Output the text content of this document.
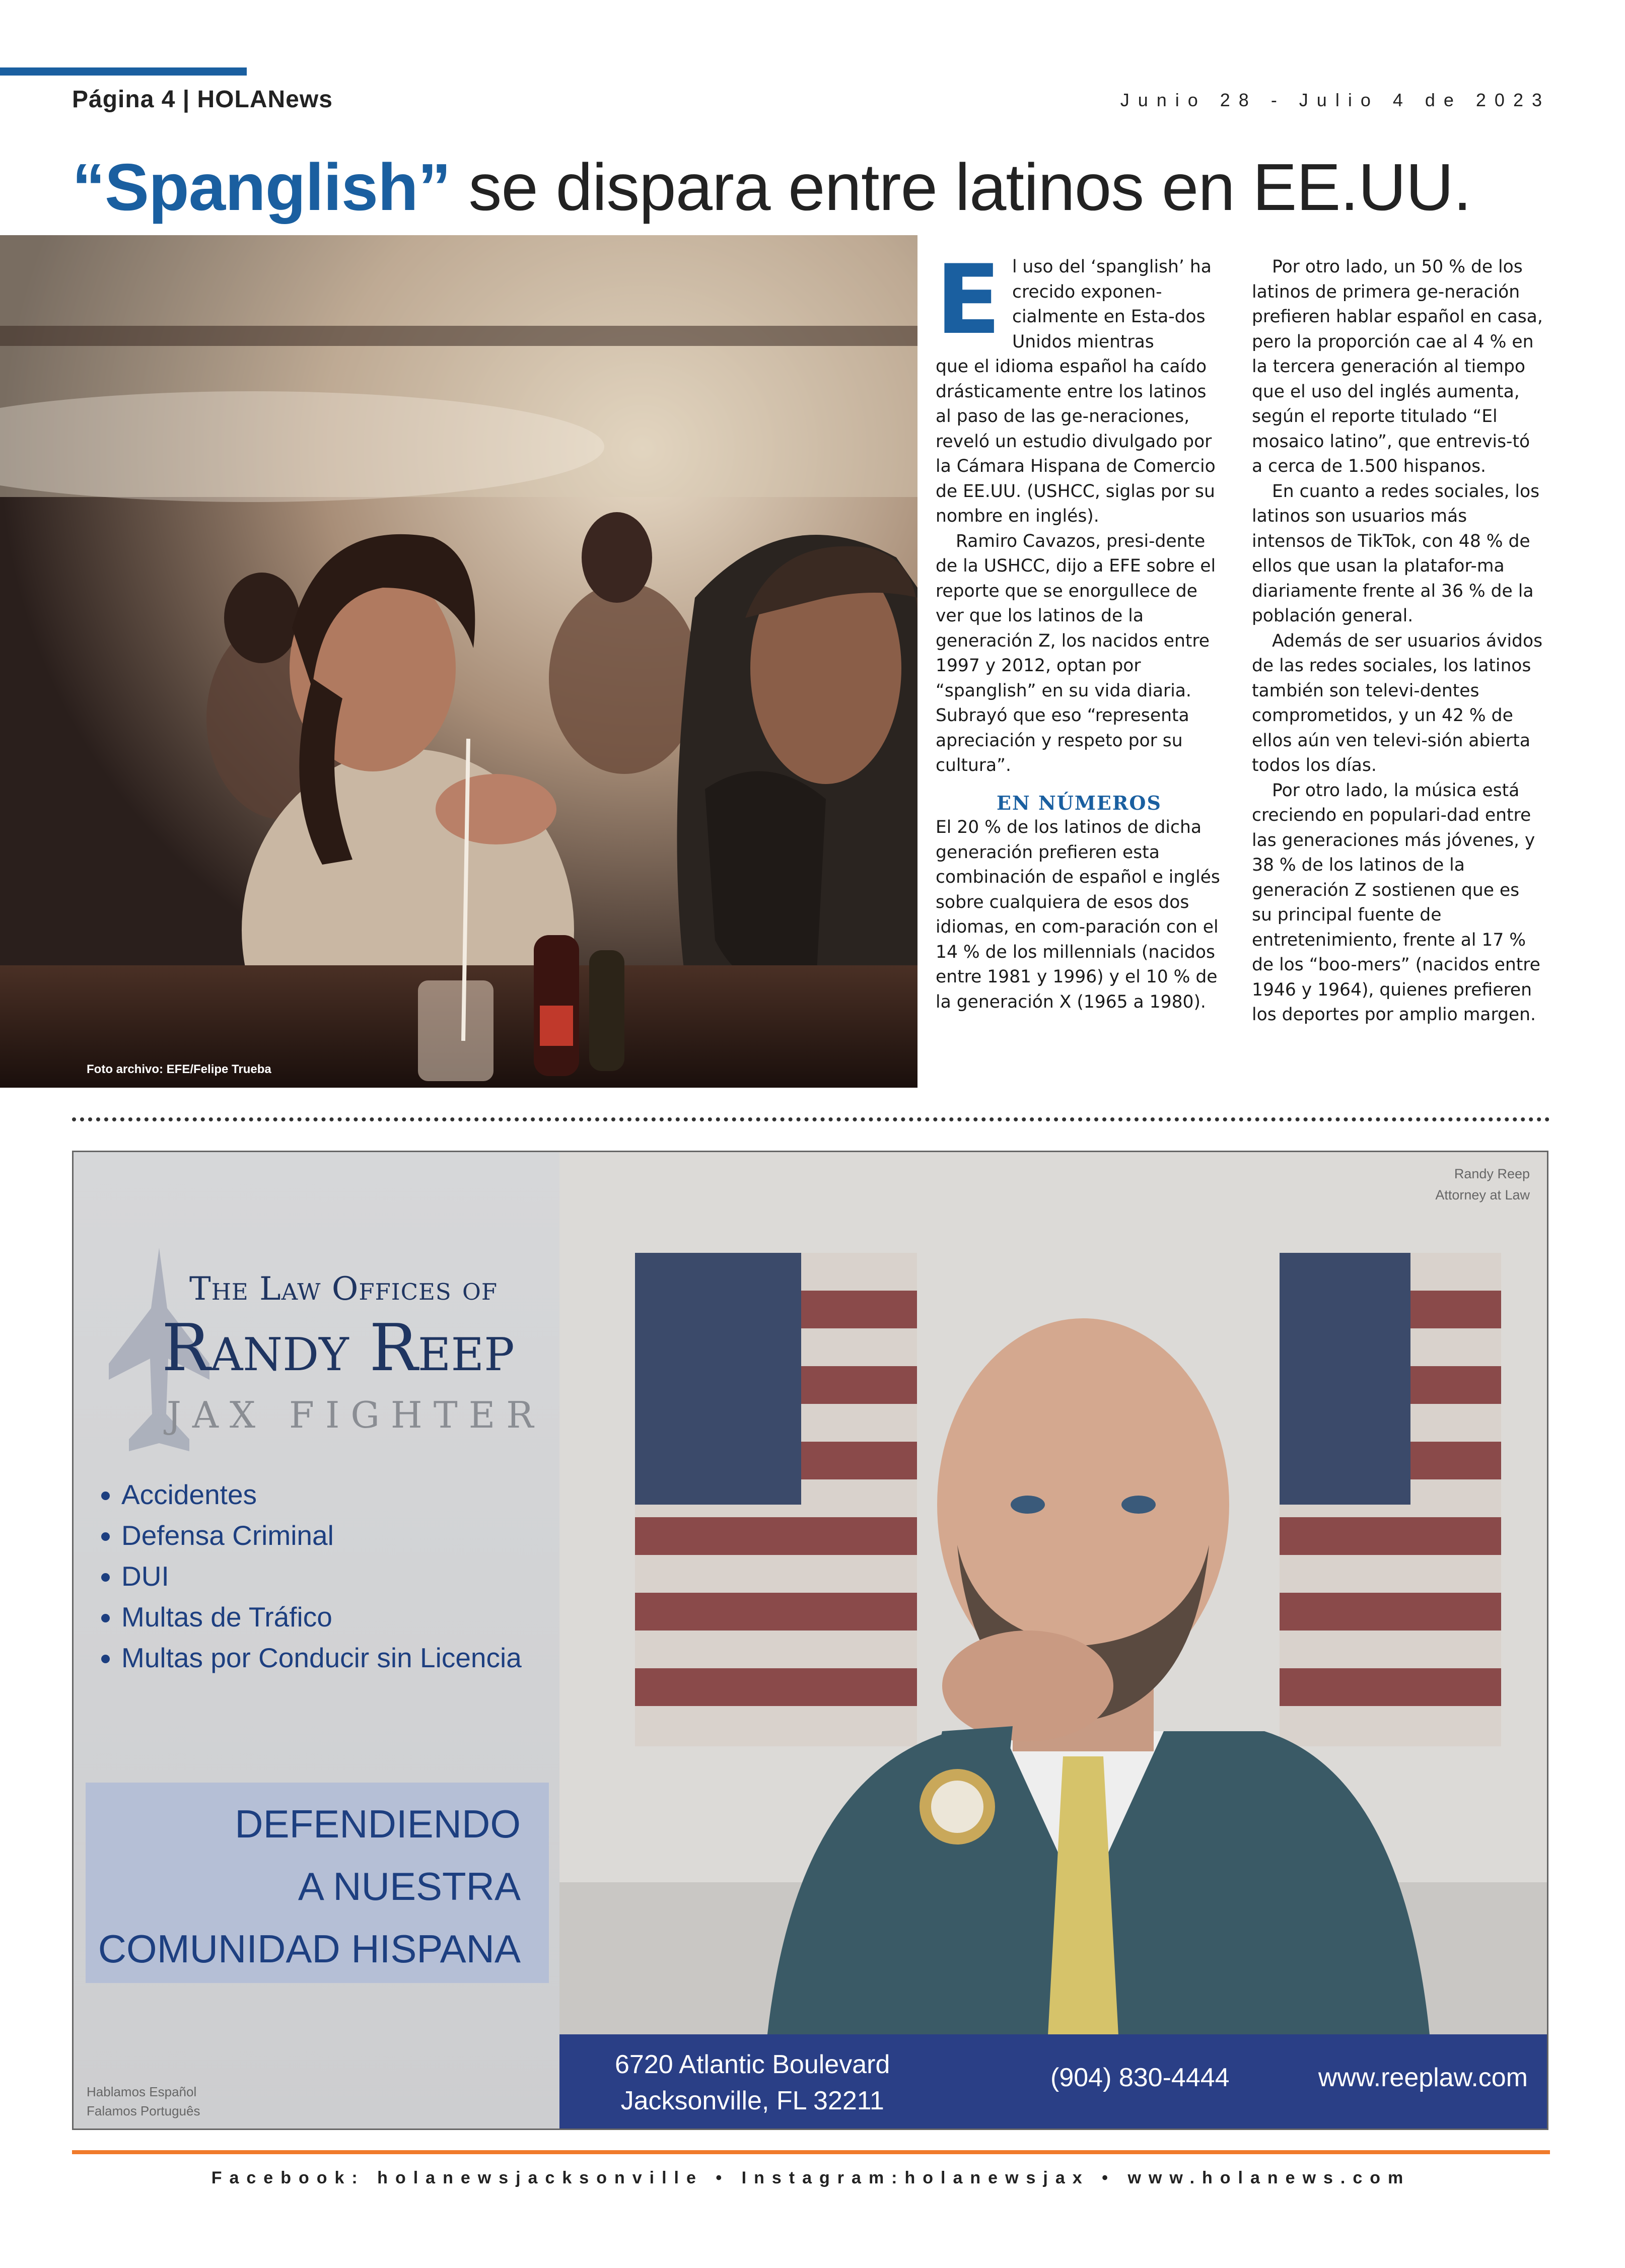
Página 4 | HOLANews	Junio 28 - Julio 4 de 2023
“Spanglish” se dispara entre latinos en EE.UU.
Foto archivo: EFE/Felipe Trueba
E l uso del ‘spanglish’ ha crecido exponen-cialmente en Esta-dos Unidos mientras

que el idioma español ha caído drásticamente entre los latinos al paso de las ge-neraciones, reveló un estudio divulgado por la Cámara Hispana de Comercio de EE.UU. (USHCC, siglas por su nombre en inglés).

Ramiro Cavazos, presi-dente de la USHCC, dijo a EFE sobre el reporte que se enorgullece de ver que los latinos de la generación Z, los nacidos entre 1997 y 2012, optan por “spanglish” en su vida diaria. Subrayó que eso “representa apreciación y respeto por su cultura”.

EN NÚMEROS

El 20 % de los latinos de dicha generación prefieren esta combinación de español e inglés sobre cualquiera de esos dos idiomas, en com-paración con el 14 % de los millennials (nacidos entre 1981 y 1996) y el 10 % de la generación X (1965 a 1980).

Por otro lado, un 50 % de los latinos de primera ge-neración prefieren hablar español en casa, pero la proporción cae al 4 % en la tercera generación al tiempo que el uso del inglés aumenta, según el reporte titulado “El mosaico latino”, que entrevis-tó a cerca de 1.500 hispanos.

En cuanto a redes sociales, los latinos son usuarios más intensos de TikTok, con 48 % de ellos que usan la platafor-ma diariamente frente al 36 % de la población general.

Además de ser usuarios ávidos de las redes sociales, los latinos también son televi-dentes comprometidos, y un 42 % de ellos aún ven televi-sión abierta todos los días.

Por otro lado, la música está creciendo en populari-dad entre las generaciones más jóvenes, y 38 % de los latinos de la generación Z sostienen que es su principal fuente de entretenimiento, frente al 17 % de los “boo-mers” (nacidos entre 1946 y 1964), quienes prefieren los deportes por amplio margen.

The Law Offices of
Randy Reep
JAX FIGHTER
• Accidentes
• Defensa Criminal
• DUI
• Multas de Tráfico
• Multas por Conducir sin Licencia
DEFENDIENDO
A NUESTRA
COMUNIDAD HISPANA
Hablamos Español
Falamos Português
Randy Reep
Attorney at Law
6720 Atlantic Boulevard
Jacksonville, FL 32211
(904) 830-4444	www.reeplaw.com
Facebook: holanewsjacksonville • Instagram:holanewsjax • www.holanews.com
